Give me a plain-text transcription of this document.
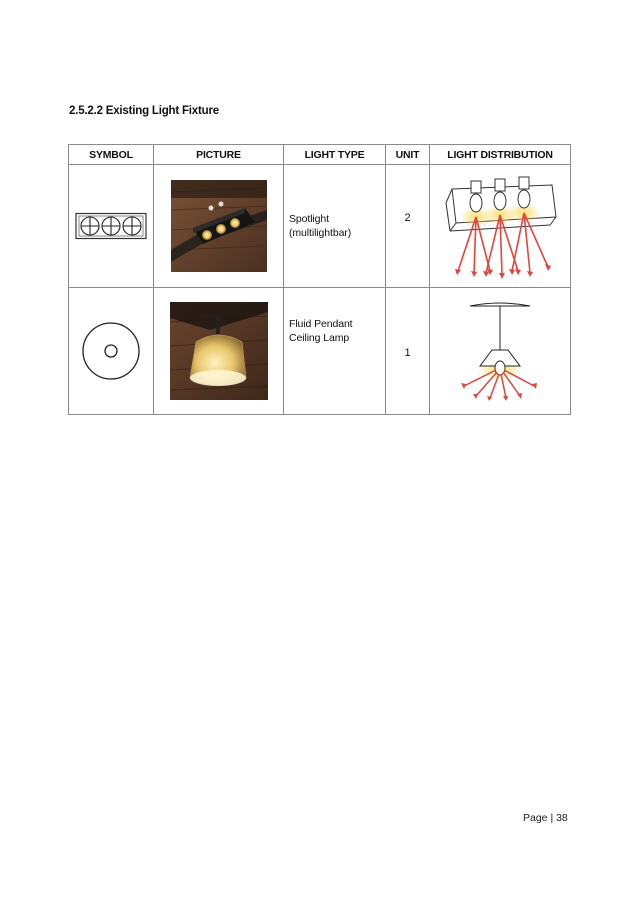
2.5.2.2 Existing Light Fixture
SYMBOL	PICTURE	LIGHT TYPE	UNIT	LIGHT DISTRIBUTION

Spotlight
(multilightbar)	2

Fluid Pendant
Ceiling Lamp	1

Page | 38
